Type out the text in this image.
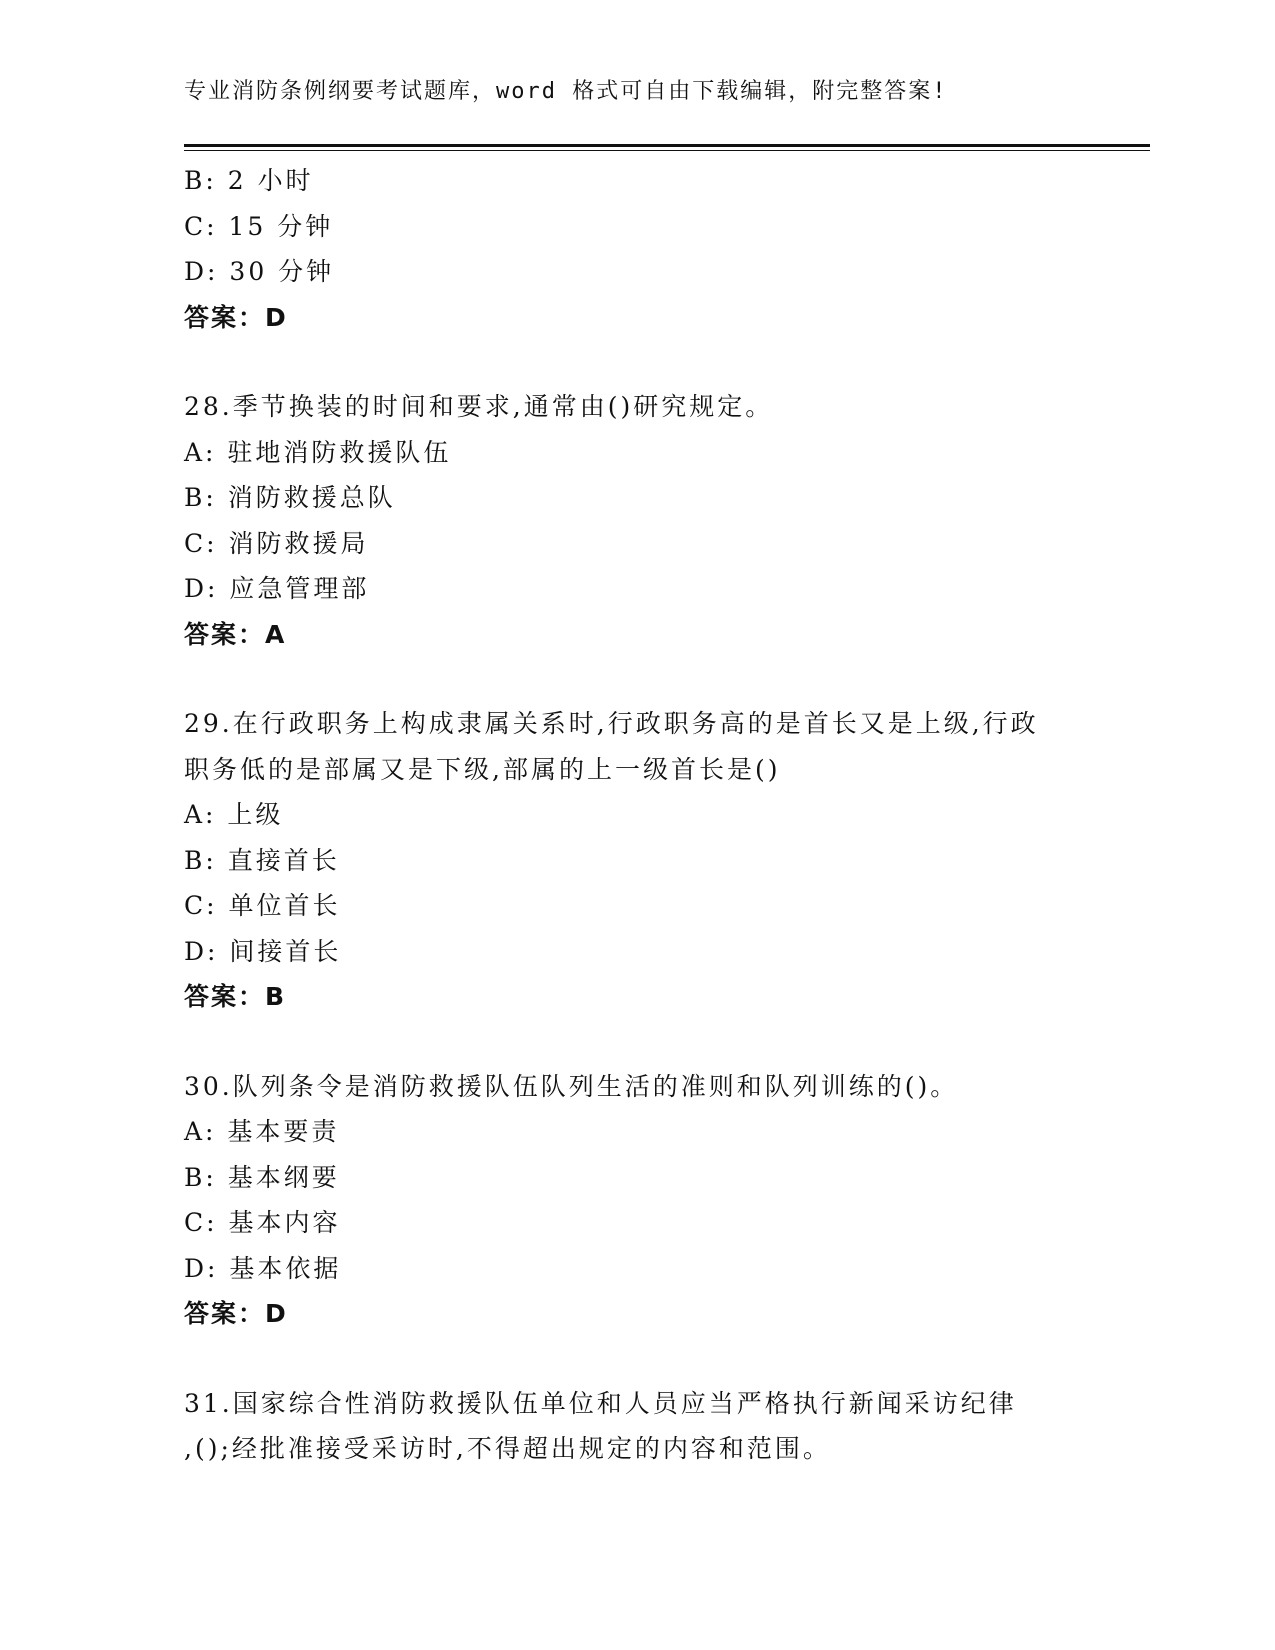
专业消防条例纲要考试题库，word 格式可自由下载编辑，附完整答案!
B: 2 小时
C: 15 分钟
D: 30 分钟
答案：D
28.季节换装的时间和要求,通常由()研究规定。
A: 驻地消防救援队伍
B: 消防救援总队
C: 消防救援局
D: 应急管理部
答案：A
29.在行政职务上构成隶属关系时,行政职务高的是首长又是上级,行政
职务低的是部属又是下级,部属的上一级首长是()
A: 上级
B: 直接首长
C: 单位首长
D: 间接首长
答案：B
30.队列条令是消防救援队伍队列生活的准则和队列训练的()。
A: 基本要责
B: 基本纲要
C: 基本内容
D: 基本依据
答案：D
31.国家综合性消防救援队伍单位和人员应当严格执行新闻采访纪律
,();经批准接受采访时,不得超出规定的内容和范围。
